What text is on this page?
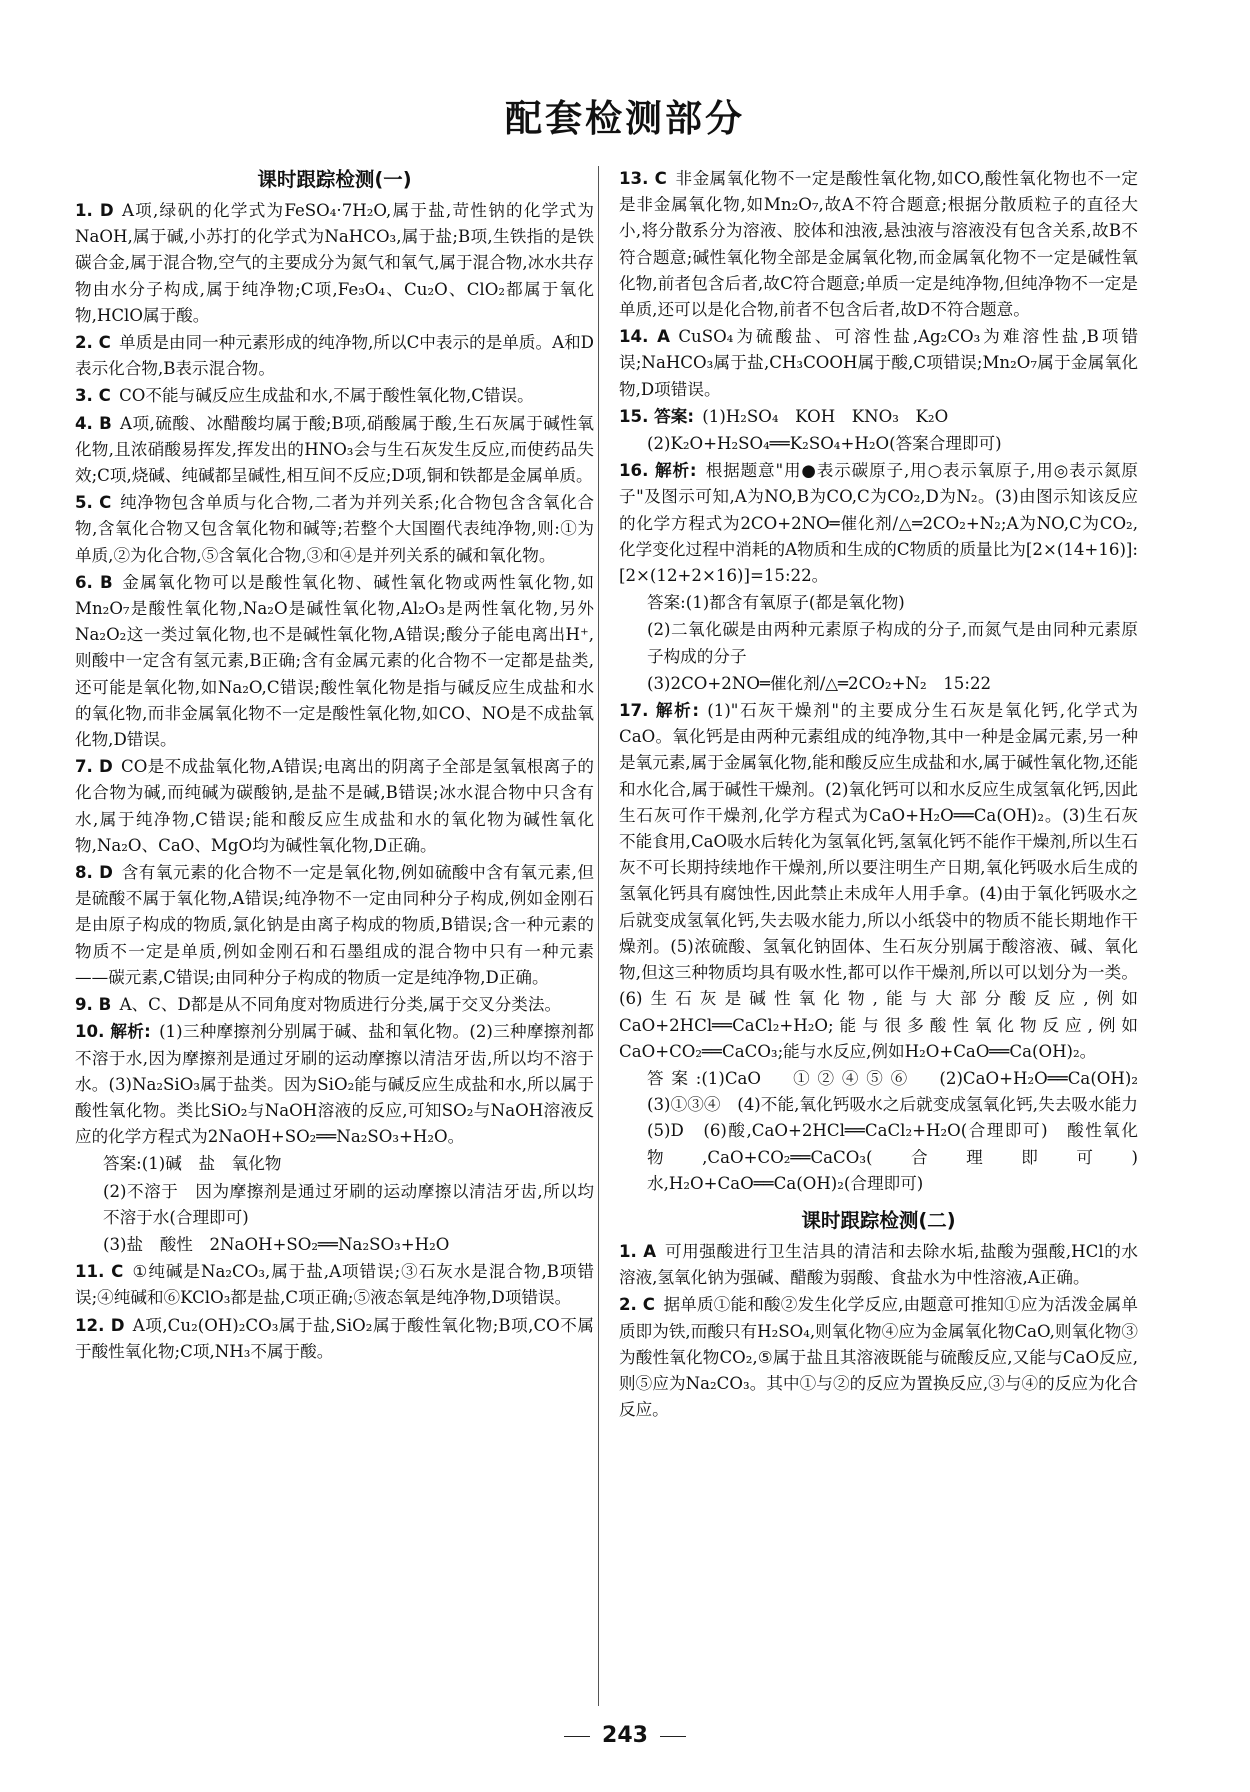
配套检测部分
课时跟踪检测(一)
1. D  A项,绿矾的化学式为FeSO₄·7H₂O,属于盐,苛性钠的化学式为NaOH,属于碱,小苏打的化学式为NaHCO₃,属于盐;B项,生铁指的是铁碳合金,属于混合物,空气的主要成分为氮气和氧气,属于混合物,冰水共存物由水分子构成,属于纯净物;C项,Fe₃O₄、Cu₂O、ClO₂都属于氧化物,HClO属于酸。
2. C  单质是由同一种元素形成的纯净物,所以C中表示的是单质。A和D表示化合物,B表示混合物。
3. C  CO不能与碱反应生成盐和水,不属于酸性氧化物,C错误。
4. B  A项,硫酸、冰醋酸均属于酸;B项,硝酸属于酸,生石灰属于碱性氧化物,且浓硝酸易挥发,挥发出的HNO₃会与生石灰发生反应,而使药品失效;C项,烧碱、纯碱都呈碱性,相互间不反应;D项,铜和铁都是金属单质。
5. C  纯净物包含单质与化合物,二者为并列关系;化合物包含含氧化合物,含氧化合物又包含氧化物和碱等;若整个大国圈代表纯净物,则:①为单质,②为化合物,⑤含氧化合物,③和④是并列关系的碱和氧化物。
6. B  金属氧化物可以是酸性氧化物、碱性氧化物或两性氧化物,如Mn₂O₇是酸性氧化物,Na₂O是碱性氧化物,Al₂O₃是两性氧化物,另外Na₂O₂这一类过氧化物,也不是碱性氧化物,A错误;酸分子能电离出H⁺,则酸中一定含有氢元素,B正确;含有金属元素的化合物不一定都是盐类,还可能是氧化物,如Na₂O,C错误;酸性氧化物是指与碱反应生成盐和水的氧化物,而非金属氧化物不一定是酸性氧化物,如CO、NO是不成盐氧化物,D错误。
7. D  CO是不成盐氧化物,A错误;电离出的阴离子全部是氢氧根离子的化合物为碱,而纯碱为碳酸钠,是盐不是碱,B错误;冰水混合物中只含有水,属于纯净物,C错误;能和酸反应生成盐和水的氧化物为碱性氧化物,Na₂O、CaO、MgO均为碱性氧化物,D正确。
8. D  含有氧元素的化合物不一定是氧化物,例如硫酸中含有氧元素,但是硫酸不属于氧化物,A错误;纯净物不一定由同种分子构成,例如金刚石是由原子构成的物质,氯化钠是由离子构成的物质,B错误;含一种元素的物质不一定是单质,例如金刚石和石墨组成的混合物中只有一种元素——碳元素,C错误;由同种分子构成的物质一定是纯净物,D正确。
9. B  A、C、D都是从不同角度对物质进行分类,属于交叉分类法。
10. 解析:  (1)三种摩擦剂分别属于碱、盐和氧化物。(2)三种摩擦剂都不溶于水,因为摩擦剂是通过牙刷的运动摩擦以清洁牙齿,所以均不溶于水。(3)Na₂SiO₃属于盐类。因为SiO₂能与碱反应生成盐和水,所以属于酸性氧化物。类比SiO₂与NaOH溶液的反应,可知SO₂与NaOH溶液反应的化学方程式为2NaOH+SO₂══Na₂SO₃+H₂O。
答案:(1)碱　盐　氧化物
(2)不溶于　因为摩擦剂是通过牙刷的运动摩擦以清洁牙齿,所以均不溶于水(合理即可)
(3)盐　酸性　2NaOH+SO₂══Na₂SO₃+H₂O
11. C  ①纯碱是Na₂CO₃,属于盐,A项错误;③石灰水是混合物,B项错误;④纯碱和⑥KClO₃都是盐,C项正确;⑤液态氧是纯净物,D项错误。
12. D  A项,Cu₂(OH)₂CO₃属于盐,SiO₂属于酸性氧化物;B项,CO不属于酸性氧化物;C项,NH₃不属于酸。
13. C  非金属氧化物不一定是酸性氧化物,如CO,酸性氧化物也不一定是非金属氧化物,如Mn₂O₇,故A不符合题意;根据分散质粒子的直径大小,将分散系分为溶液、胶体和浊液,悬浊液与溶液没有包含关系,故B不符合题意;碱性氧化物全部是金属氧化物,而金属氧化物不一定是碱性氧化物,前者包含后者,故C符合题意;单质一定是纯净物,但纯净物不一定是单质,还可以是化合物,前者不包含后者,故D不符合题意。
14. A  CuSO₄为硫酸盐、可溶性盐,Ag₂CO₃为难溶性盐,B项错误;NaHCO₃属于盐,CH₃COOH属于酸,C项错误;Mn₂O₇属于金属氧化物,D项错误。
15. 答案:  (1)H₂SO₄　KOH　KNO₃　K₂O
(2)K₂O+H₂SO₄══K₂SO₄+H₂O(答案合理即可)
16. 解析:  根据题意"用●表示碳原子,用○表示氧原子,用◎表示氮原子"及图示可知,A为NO,B为CO,C为CO₂,D为N₂。(3)由图示知该反应的化学方程式为2CO+2NO═催化剂/△═2CO₂+N₂;A为NO,C为CO₂,化学变化过程中消耗的A物质和生成的C物质的质量比为[2×(14+16)]:[2×(12+2×16)]=15:22。
答案:(1)都含有氧原子(都是氧化物)
(2)二氧化碳是由两种元素原子构成的分子,而氮气是由同种元素原子构成的分子
(3)2CO+2NO═催化剂/△═2CO₂+N₂　15:22
17. 解析:  (1)"石灰干燥剂"的主要成分生石灰是氧化钙,化学式为CaO。氧化钙是由两种元素组成的纯净物,其中一种是金属元素,另一种是氧元素,属于金属氧化物,能和酸反应生成盐和水,属于碱性氧化物,还能和水化合,属于碱性干燥剂。(2)氧化钙可以和水反应生成氢氧化钙,因此生石灰可作干燥剂,化学方程式为CaO+H₂O══Ca(OH)₂。(3)生石灰不能食用,CaO吸水后转化为氢氧化钙,氢氧化钙不能作干燥剂,所以生石灰不可长期持续地作干燥剂,所以要注明生产日期,氧化钙吸水后生成的氢氧化钙具有腐蚀性,因此禁止未成年人用手拿。(4)由于氧化钙吸水之后就变成氢氧化钙,失去吸水能力,所以小纸袋中的物质不能长期地作干燥剂。(5)浓硫酸、氢氧化钠固体、生石灰分别属于酸溶液、碱、氧化物,但这三种物质均具有吸水性,都可以作干燥剂,所以可以划分为一类。(6)生石灰是碱性氧化物,能与大部分酸反应,例如CaO+2HCl══CaCl₂+H₂O;能与很多酸性氧化物反应,例如CaO+CO₂══CaCO₃;能与水反应,例如H₂O+CaO══Ca(OH)₂。
答案:(1)CaO　①②④⑤⑥　(2)CaO+H₂O══Ca(OH)₂　(3)①③④　(4)不能,氧化钙吸水之后就变成氢氧化钙,失去吸水能力　(5)D　(6)酸,CaO+2HCl══CaCl₂+H₂O(合理即可)　酸性氧化物,CaO+CO₂══CaCO₃(合理即可)　水,H₂O+CaO══Ca(OH)₂(合理即可)
课时跟踪检测(二)
1. A  可用强酸进行卫生洁具的清洁和去除水垢,盐酸为强酸,HCl的水溶液,氢氧化钠为强碱、醋酸为弱酸、食盐水为中性溶液,A正确。
2. C  据单质①能和酸②发生化学反应,由题意可推知①应为活泼金属单质即为铁,而酸只有H₂SO₄,则氧化物④应为金属氧化物CaO,则氧化物③为酸性氧化物CO₂,⑤属于盐且其溶液既能与硫酸反应,又能与CaO反应,则⑤应为Na₂CO₃。其中①与②的反应为置换反应,③与④的反应为化合反应。
243
